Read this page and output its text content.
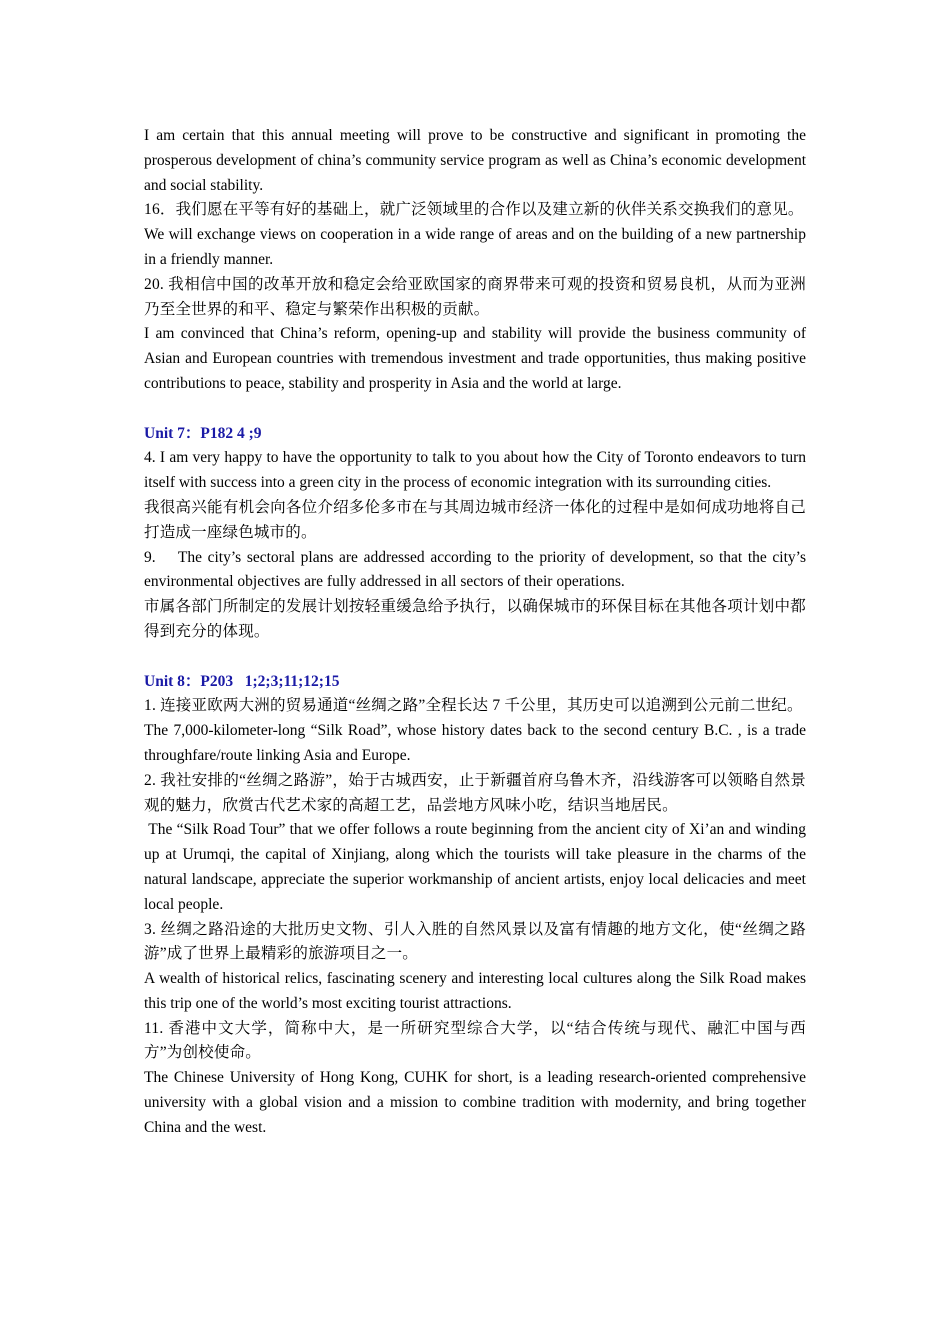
I am certain that this annual meeting will prove to be constructive and significant in promoting the prosperous development of china’s community service program as well as China’s economic development and social stability.

16．我们愿在平等有好的基础上，就广泛领域里的合作以及建立新的伙伴关系交换我们的意见。

We will exchange views on cooperation in a wide range of areas and on the building of a new partnership in a friendly manner.

20. 我相信中国的改革开放和稳定会给亚欧国家的商界带来可观的投资和贸易良机，从而为亚洲乃至全世界的和平、稳定与繁荣作出积极的贡献。

I am convinced that China’s reform, opening-up and stability will provide the business community of Asian and European countries with tremendous investment and trade opportunities, thus making positive contributions to peace, stability and prosperity in Asia and the world at large.

Unit 7：P182 4 ;9

4. I am very happy to have the opportunity to talk to you about how the City of Toronto endeavors to turn itself with success into a green city in the process of economic integration with its surrounding cities.

我很高兴能有机会向各位介绍多伦多市在与其周边城市经济一体化的过程中是如何成功地将自己打造成一座绿色城市的。

9.    The city’s sectoral plans are addressed according to the priority of development, so that the city’s environmental objectives are fully addressed in all sectors of their operations.

市属各部门所制定的发展计划按轻重缓急给予执行，以确保城市的环保目标在其他各项计划中都得到充分的体现。

Unit 8：P203   1;2;3;11;12;15

1. 连接亚欧两大洲的贸易通道“丝绸之路”全程长达 7 千公里，其历史可以追溯到公元前二世纪。

The 7,000-kilometer-long “Silk Road”, whose history dates back to the second century B.C. , is a trade throughfare/route linking Asia and Europe.

2. 我社安排的“丝绸之路游”，始于古城西安，止于新疆首府乌鲁木齐，沿线游客可以领略自然景观的魅力，欣赏古代艺术家的高超工艺，品尝地方风味小吃，结识当地居民。

The “Silk Road Tour” that we offer follows a route beginning from the ancient city of Xi’an and winding up at Urumqi, the capital of Xinjiang, along which the tourists will take pleasure in the charms of the natural landscape, appreciate the superior workmanship of ancient artists, enjoy local delicacies and meet local people.

3. 丝绸之路沿途的大批历史文物、引人入胜的自然风景以及富有情趣的地方文化，使“丝绸之路游”成了世界上最精彩的旅游项目之一。

A wealth of historical relics, fascinating scenery and interesting local cultures along the Silk Road makes this trip one of the world’s most exciting tourist attractions.

11. 香港中文大学，简称中大，是一所研究型综合大学，以“结合传统与现代、融汇中国与西方”为创校使命。

The Chinese University of Hong Kong, CUHK for short, is a leading research-oriented comprehensive university with a global vision and a mission to combine tradition with modernity, and bring together China and the west.
